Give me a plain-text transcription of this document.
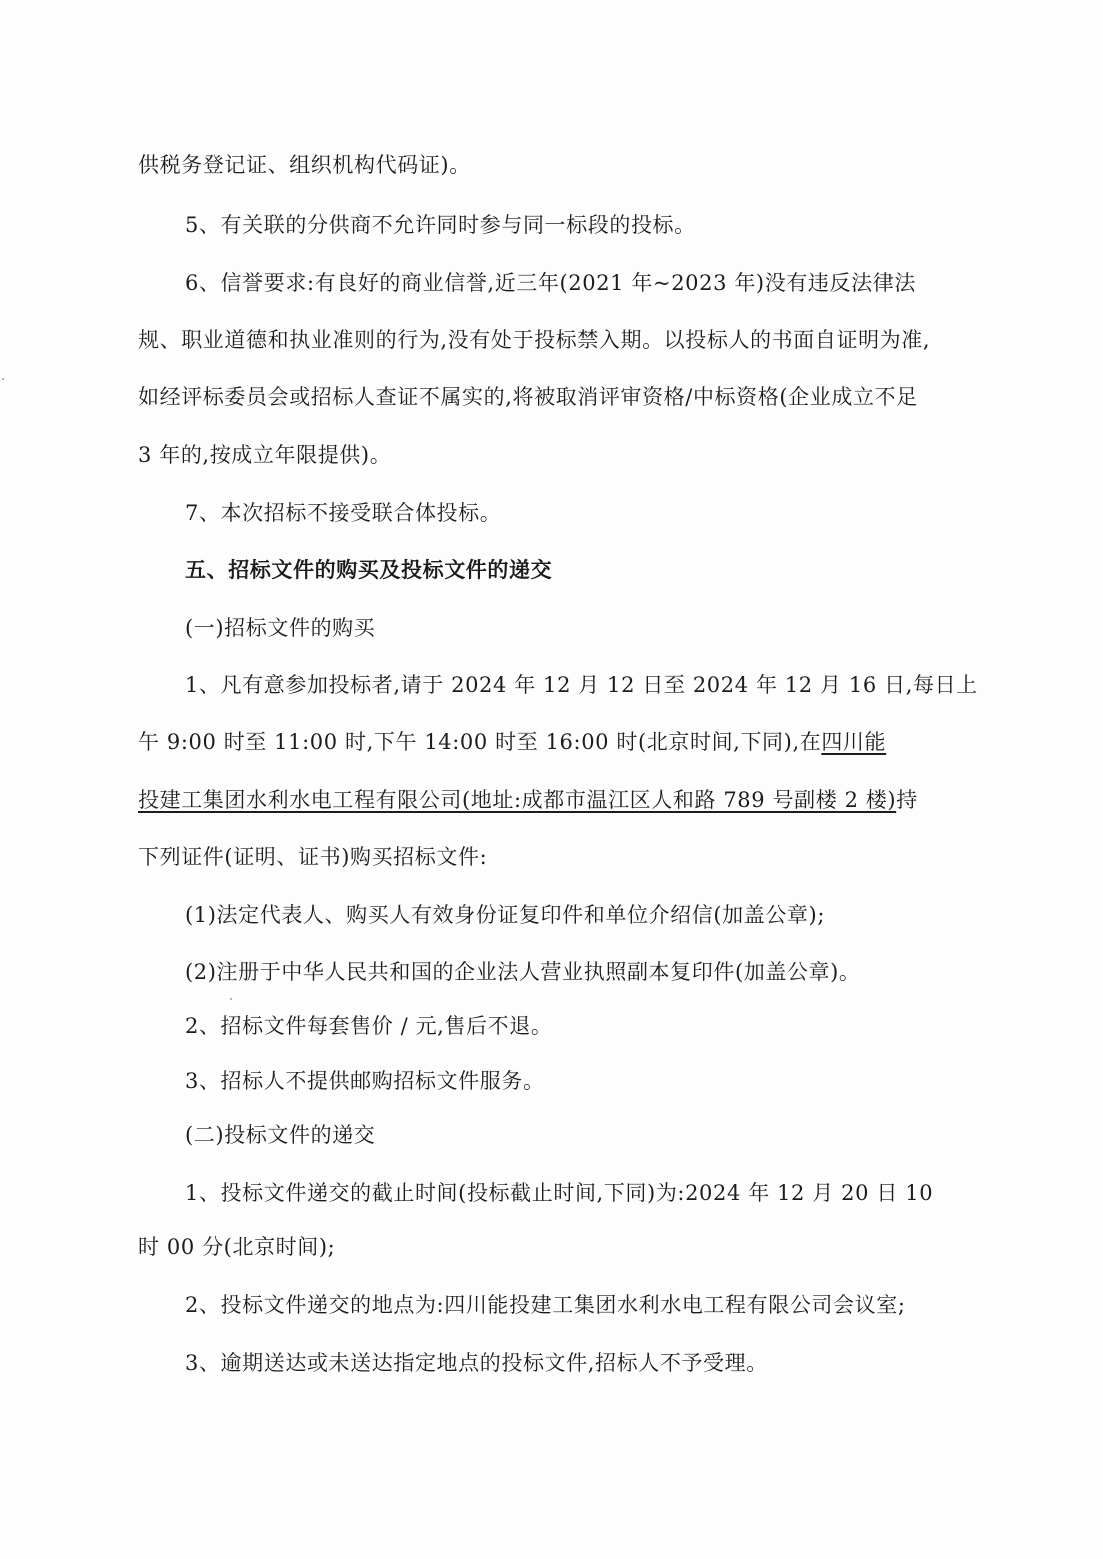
供税务登记证、组织机构代码证)。
5、有关联的分供商不允许同时参与同一标段的投标。
6、信誉要求:有良好的商业信誉,近三年(2021 年~2023 年)没有违反法律法
规、职业道德和执业准则的行为,没有处于投标禁入期。以投标人的书面自证明为准,
如经评标委员会或招标人查证不属实的,将被取消评审资格/中标资格(企业成立不足
3 年的,按成立年限提供)。
7、本次招标不接受联合体投标。
五、招标文件的购买及投标文件的递交
(一)招标文件的购买
1、凡有意参加投标者,请于 2024 年 12 月 12 日至 2024 年 12 月 16 日,每日上
午 9:00 时至 11:00 时,下午 14:00 时至 16:00 时(北京时间,下同),在四川能
投建工集团水利水电工程有限公司(地址:成都市温江区人和路 789 号副楼 2 楼)持
下列证件(证明、证书)购买招标文件:
(1)法定代表人、购买人有效身份证复印件和单位介绍信(加盖公章);
(2)注册于中华人民共和国的企业法人营业执照副本复印件(加盖公章)。
2、招标文件每套售价 / 元,售后不退。
3、招标人不提供邮购招标文件服务。
(二)投标文件的递交
1、投标文件递交的截止时间(投标截止时间,下同)为:2024 年 12 月 20 日 10
时 00 分(北京时间);
2、投标文件递交的地点为:四川能投建工集团水利水电工程有限公司会议室;
3、逾期送达或未送达指定地点的投标文件,招标人不予受理。
